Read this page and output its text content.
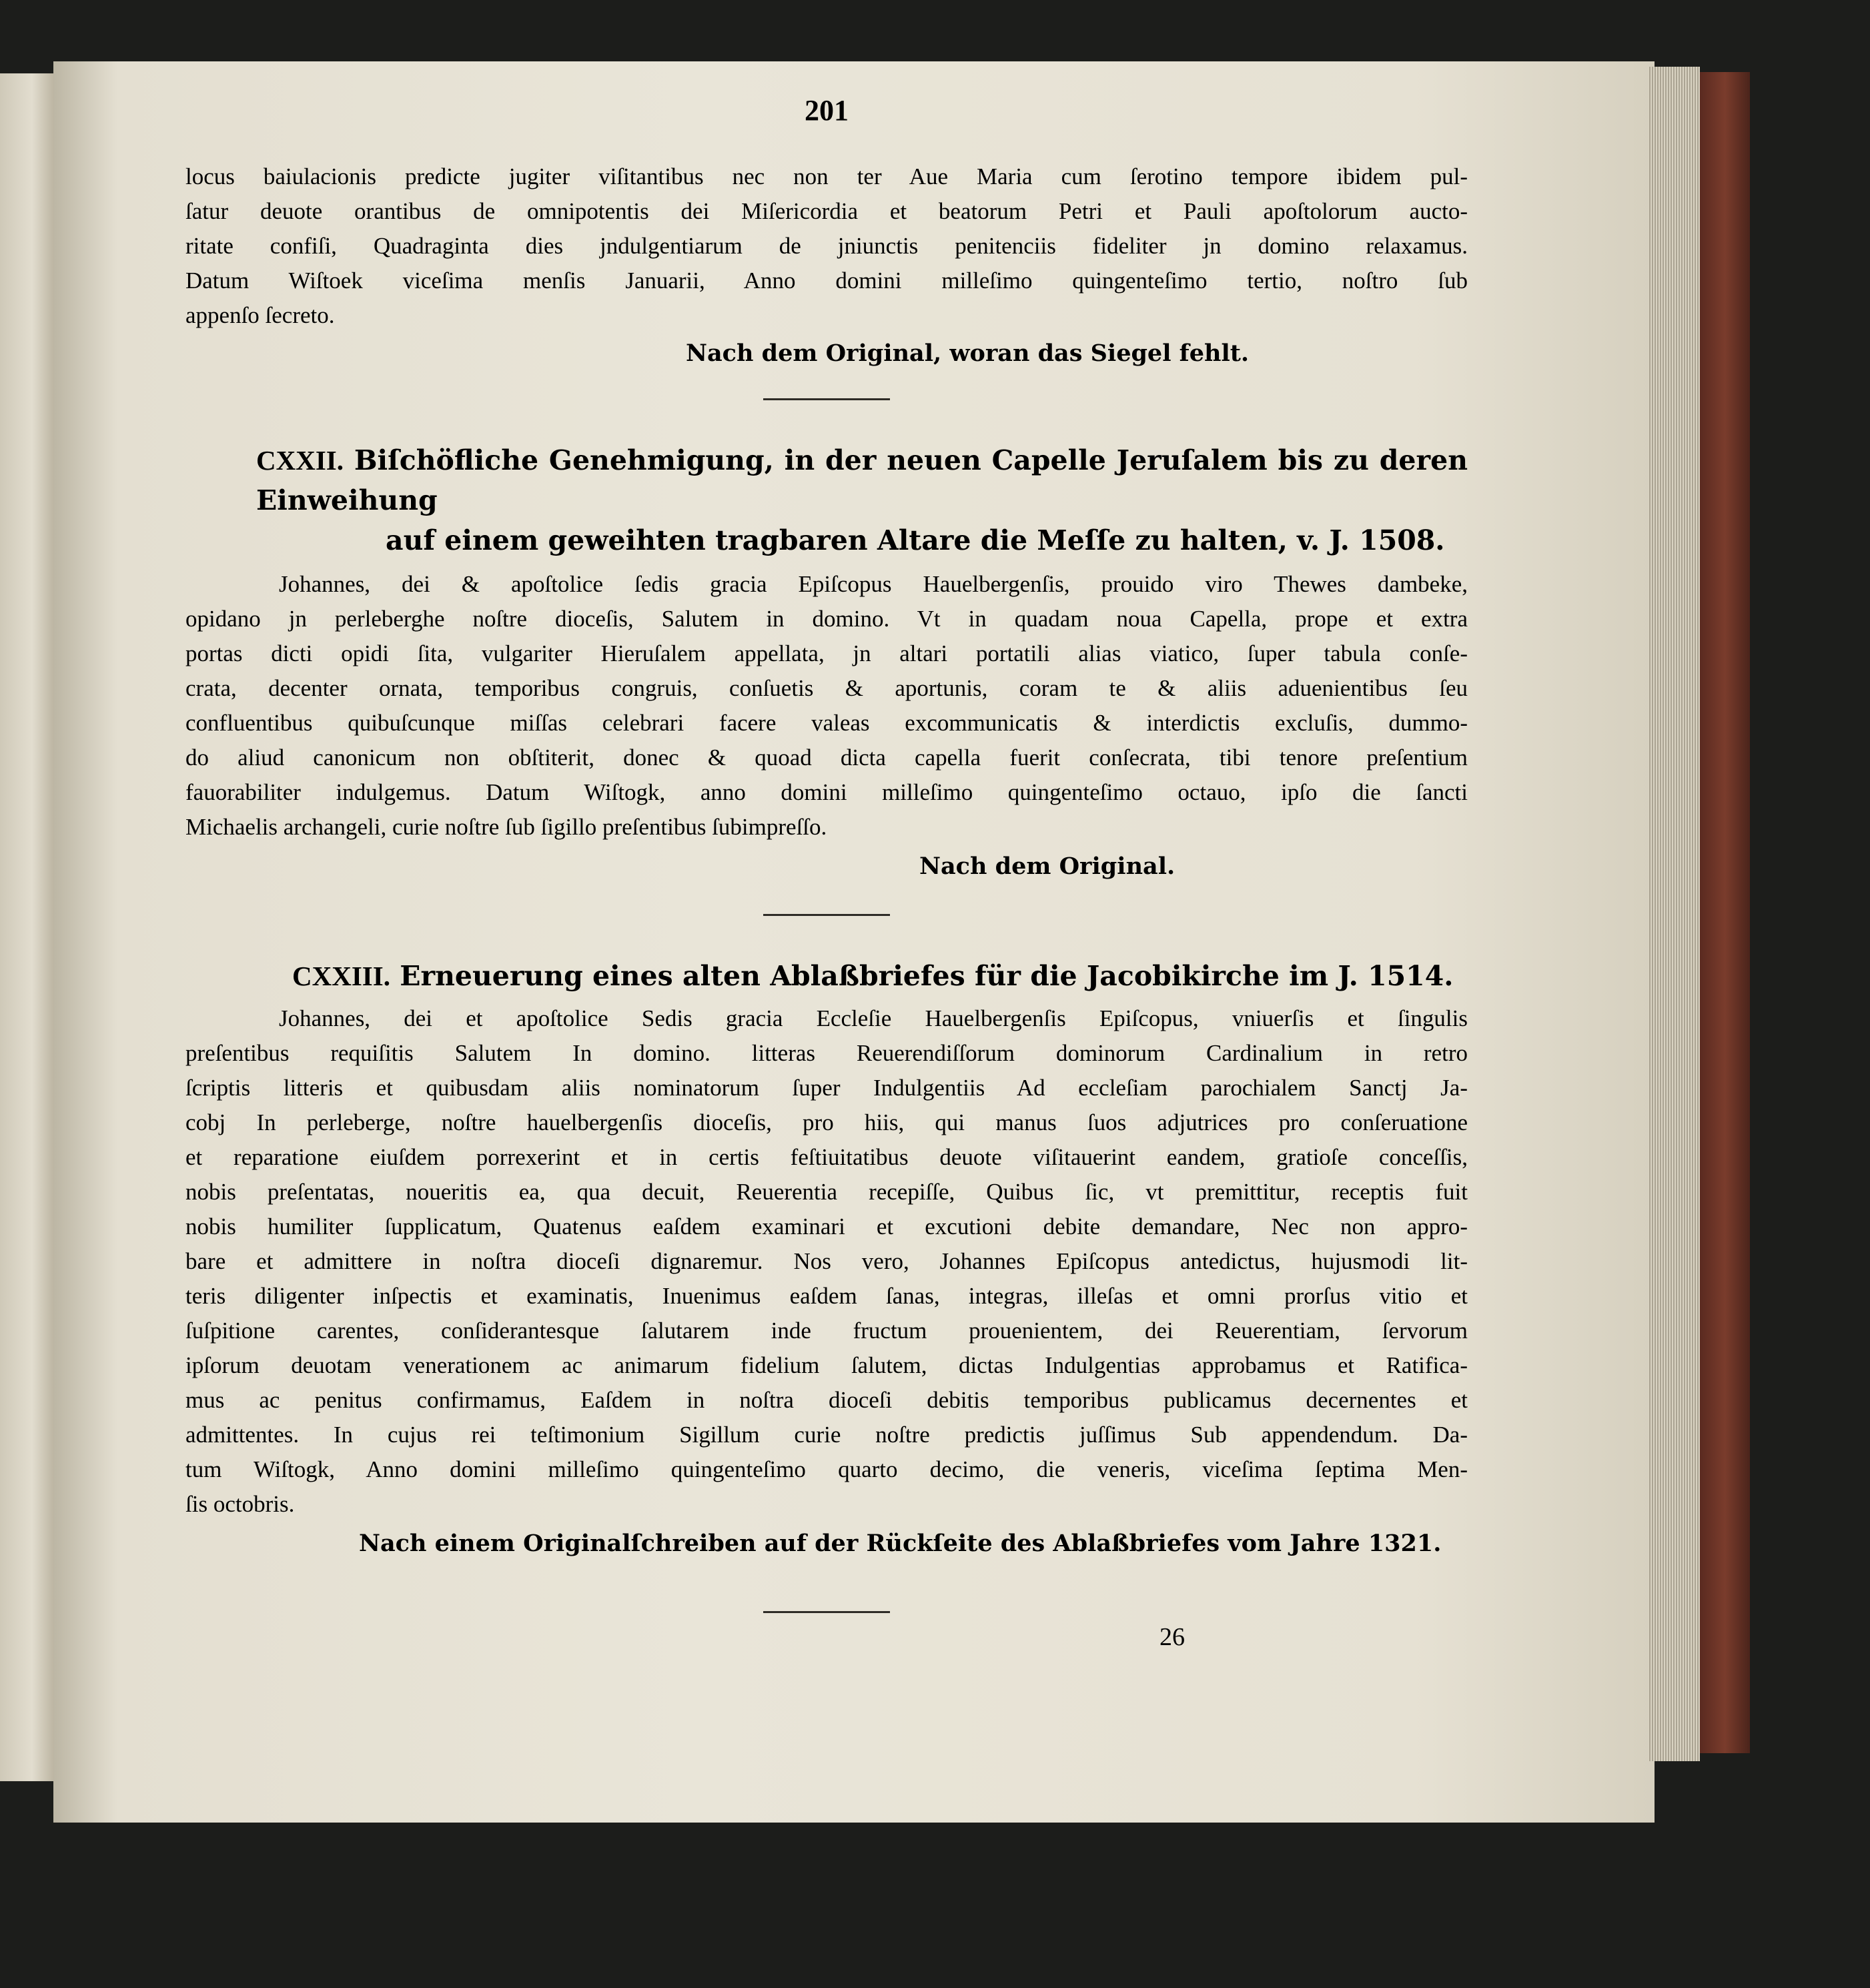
201
locus baiulacionis predicte jugiter viſitantibus nec non ter Aue Maria cum ſerotino tempore ibidem pul-
ſatur deuote orantibus de omnipotentis dei Miſericordia et beatorum Petri et Pauli apoſtolorum aucto-
ritate confiſi, Quadraginta dies jndulgentiarum de jniunctis penitenciis fideliter jn domino relaxamus.
Datum Wiſtoek viceſima menſis Januarii, Anno domini milleſimo quingenteſimo tertio, noſtro ſub
appenſo ſecreto.
Nach dem Original, woran das Siegel fehlt.
CXXII. Biſchöfliche Genehmigung, in der neuen Capelle Jeruſalem bis zu deren Einweihung
auf einem geweihten tragbaren Altare die Meſſe zu halten, v. J. 1508.
Johannes, dei & apoſtolice ſedis gracia Epiſcopus Hauelbergenſis, prouido viro Thewes dambeke,
opidano jn perleberghe noſtre dioceſis, Salutem in domino. Vt in quadam noua Capella, prope et extra
portas dicti opidi ſita, vulgariter Hieruſalem appellata, jn altari portatili alias viatico, ſuper tabula conſe-
crata, decenter ornata, temporibus congruis, conſuetis & aportunis, coram te & aliis aduenientibus ſeu
confluentibus quibuſcunque miſſas celebrari facere valeas excommunicatis & interdictis excluſis, dummo-
do aliud canonicum non obſtiterit, donec & quoad dicta capella fuerit conſecrata, tibi tenore preſentium
fauorabiliter indulgemus. Datum Wiſtogk, anno domini milleſimo quingenteſimo octauo, ipſo die ſancti
Michaelis archangeli, curie noſtre ſub ſigillo preſentibus ſubimpreſſo.
Nach dem Original.
CXXIII. Erneuerung eines alten Ablaßbriefes für die Jacobikirche im J. 1514.
Johannes, dei et apoſtolice Sedis gracia Eccleſie Hauelbergenſis Epiſcopus, vniuerſis et ſingulis
preſentibus requiſitis Salutem In domino. litteras Reuerendiſſorum dominorum Cardinalium in retro
ſcriptis litteris et quibusdam aliis nominatorum ſuper Indulgentiis Ad eccleſiam parochialem Sanctj Ja-
cobj In perleberge, noſtre hauelbergenſis dioceſis, pro hiis, qui manus ſuos adjutrices pro conſeruatione
et reparatione eiuſdem porrexerint et in certis feſtiuitatibus deuote viſitauerint eandem, gratioſe conceſſis,
nobis preſentatas, noueritis ea, qua decuit, Reuerentia recepiſſe, Quibus ſic, vt premittitur, receptis fuit
nobis humiliter ſupplicatum, Quatenus eaſdem examinari et excutioni debite demandare, Nec non appro-
bare et admittere in noſtra dioceſi dignaremur. Nos vero, Johannes Epiſcopus antedictus, hujusmodi lit-
teris diligenter inſpectis et examinatis, Inuenimus eaſdem ſanas, integras, illeſas et omni prorſus vitio et
ſuſpitione carentes, conſiderantesque ſalutarem inde fructum prouenientem, dei Reuerentiam, ſervorum
ipſorum deuotam venerationem ac animarum fidelium ſalutem, dictas Indulgentias approbamus et Ratifica-
mus ac penitus confirmamus, Eaſdem in noſtra dioceſi debitis temporibus publicamus decernentes et
admittentes. In cujus rei teſtimonium Sigillum curie noſtre predictis juſſimus Sub appendendum. Da-
tum Wiſtogk, Anno domini milleſimo quingenteſimo quarto decimo, die veneris, viceſima ſeptima Men-
ſis octobris.
Nach einem Originalſchreiben auf der Rückſeite des Ablaßbriefes vom Jahre 1321.
26
